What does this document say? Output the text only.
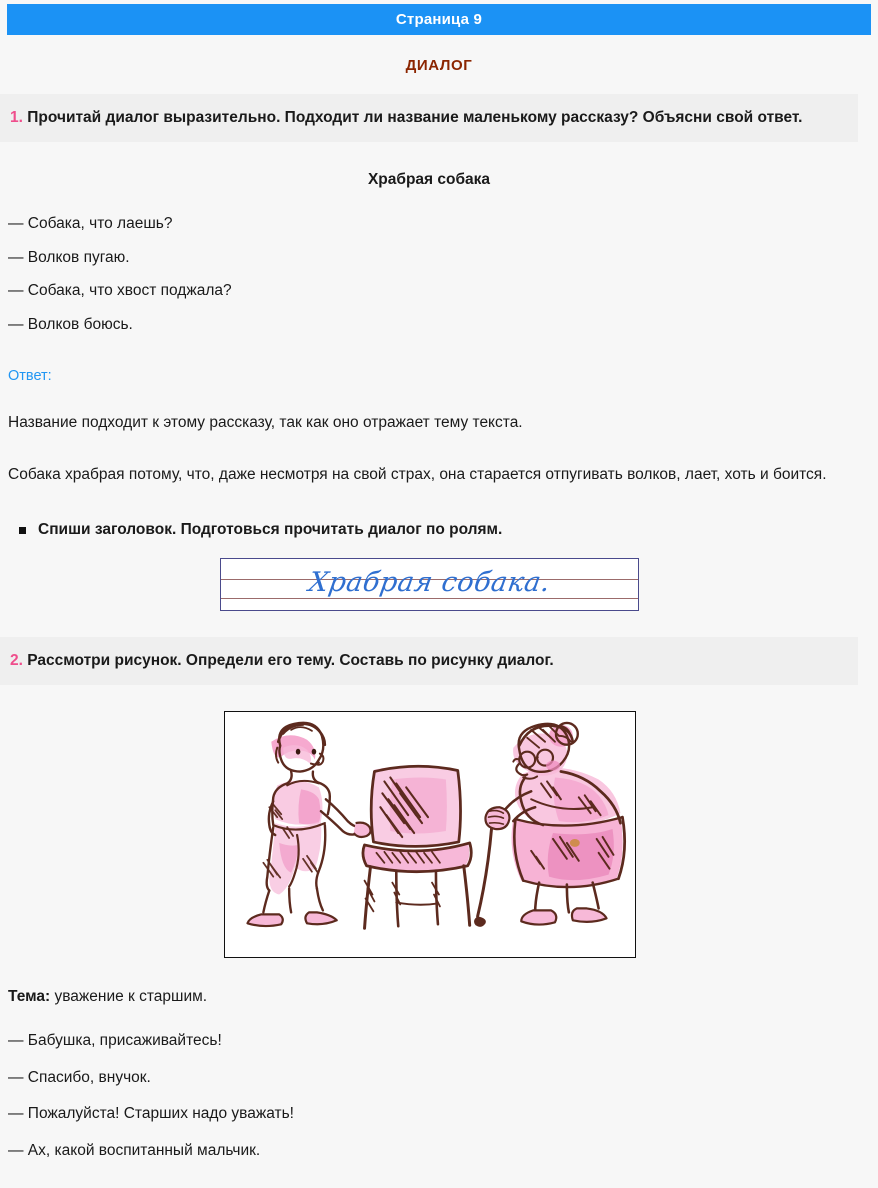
Страница 9
ДИАЛОГ
1. Прочитай диалог выразительно. Подходит ли название маленькому рассказу? Объясни свой ответ.
Храбрая собака
— Собака, что лаешь?
— Волков пугаю.
— Собака, что хвост поджала?
— Волков боюсь.
Ответ:
Название подходит к этому рассказу, так как оно отражает тему текста.
Собака храбрая потому, что, даже несмотря на свой страх, она старается отпугивать волков, лает, хоть и боится.
Спиши заголовок. Подготовься прочитать диалог по ролям.
Храбрая собака.
2. Рассмотри рисунок. Определи его тему. Составь по рисунку диалог.
Тема: уважение к старшим.
— Бабушка, присаживайтесь!
— Спасибо, внучок.
— Пожалуйста! Старших надо уважать!
— Ах, какой воспитанный мальчик.
